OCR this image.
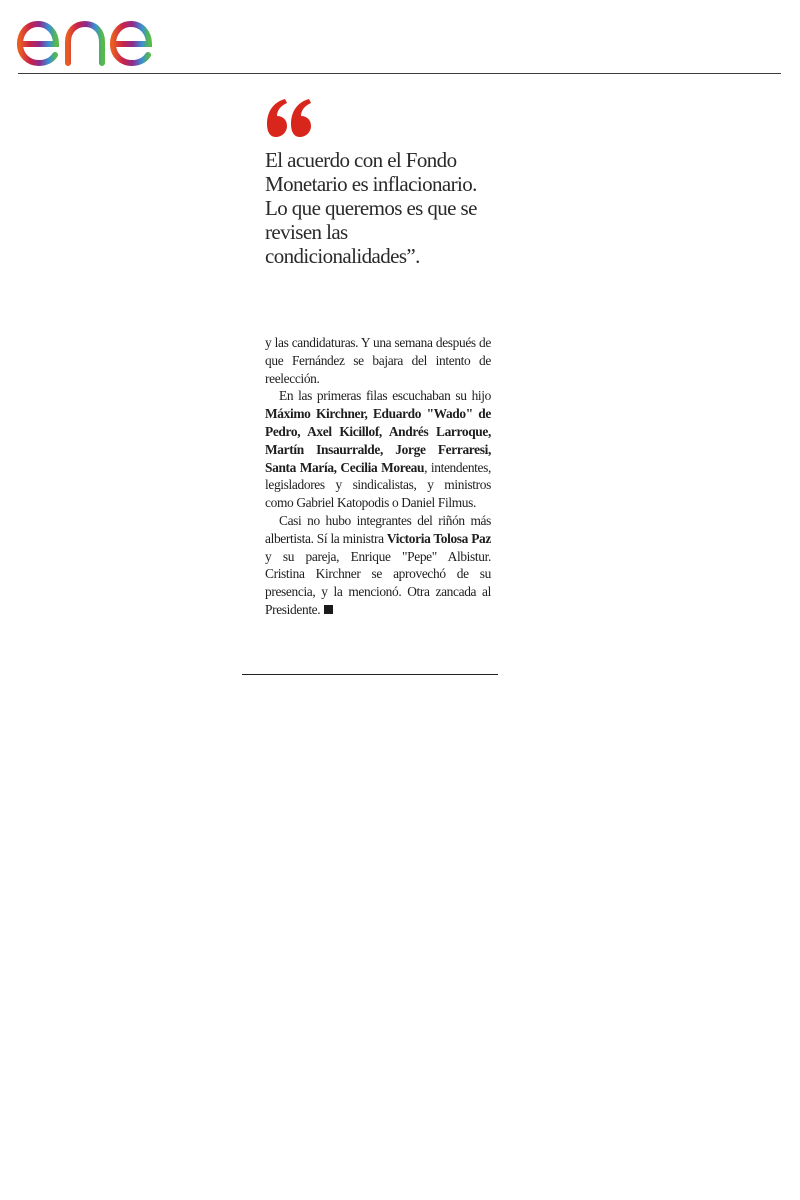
El acuerdo con el Fondo Monetario es inflacionario. Lo que queremos es que se revisen las condicionalidades”.

y las candidaturas. Y una semana después de que Fernández se bajara del intento de reelección.

En las primeras filas escuchaban su hijo Máximo Kirchner, Eduardo "Wado" de Pedro, Axel Kicillof, Andrés Larroque, Martín Insaurralde, Jorge Ferraresi, Santa María, Cecilia Moreau, intendentes, legisladores y sindicalistas, y ministros como Gabriel Katopodis o Daniel Filmus.

Casi no hubo integrantes del riñón más albertista. Sí la ministra Victoria Tolosa Paz y su pareja, Enrique "Pepe" Albistur. Cristina Kirchner se aprovechó de su presencia, y la mencionó. Otra zancada al Presidente.
